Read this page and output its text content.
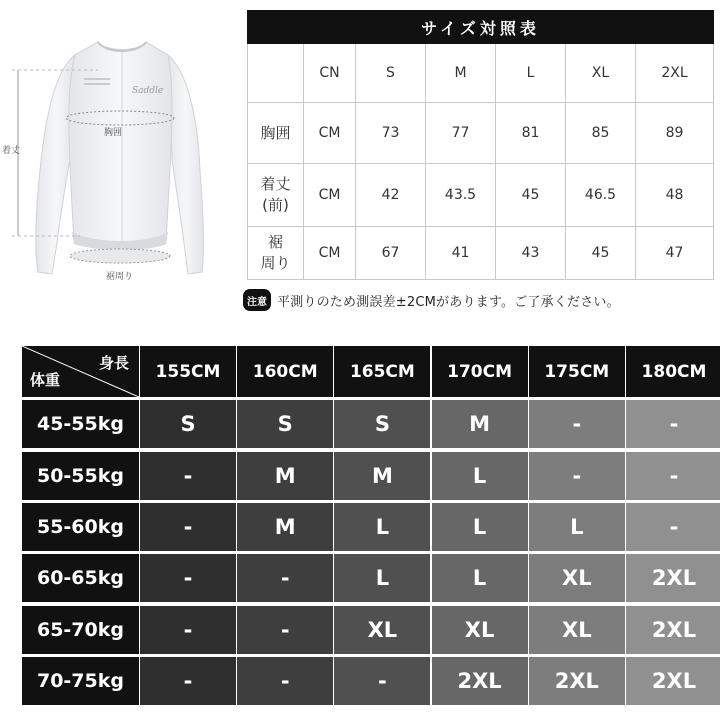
Saddle
胸囲
着丈
裾周り
サイズ対照表						
	CN	S	M	L	XL	2XL
胸囲	CM	73	77	81	85	89

着丈
(前)	CM	42	43.5	45	46.5	48

裾
周り	CM	67	41	43	45	47
注意 平測りのため測誤差±2CMがあります。ご了承ください。
身長
体重	155CM	160CM	165CM	170CM	175CM	180CM
45-55kg	S	S	S	M	-	-
50-55kg	-	M	M	L	-	-
55-60kg	-	M	L	L	L	-
60-65kg	-	-	L	L	XL	2XL
65-70kg	-	-	XL	XL	XL	2XL
70-75kg	-	-	-	2XL	2XL	2XL
